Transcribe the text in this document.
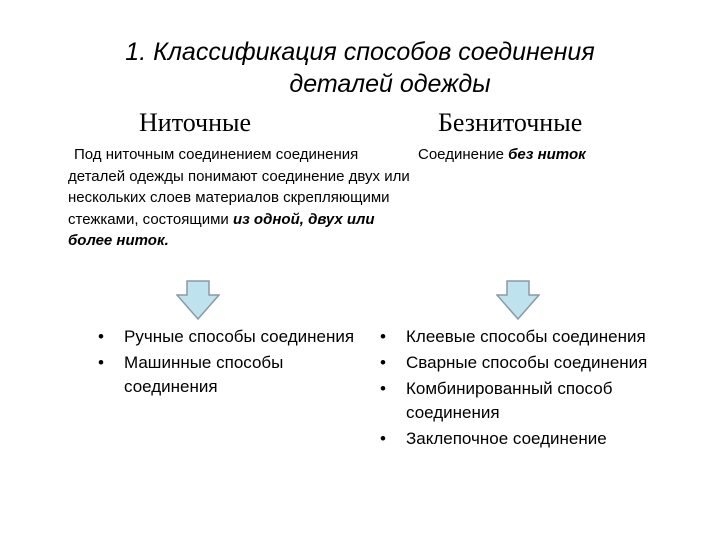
1. Классификация способов соединения
деталей одежды
Ниточные	Безниточные
Под ниточным соединением соединения деталей одежды понимают соединение двух или нескольких слоев материалов скрепляющими стежками, состоящими из одной, двух или более ниток.
Соединение без ниток
• Ручные способы соединения
• Машинные способы соединения
• Клеевые способы соединения
• Сварные способы соединения
• Комбинированный способ соединения
• Заклепочное соединение
